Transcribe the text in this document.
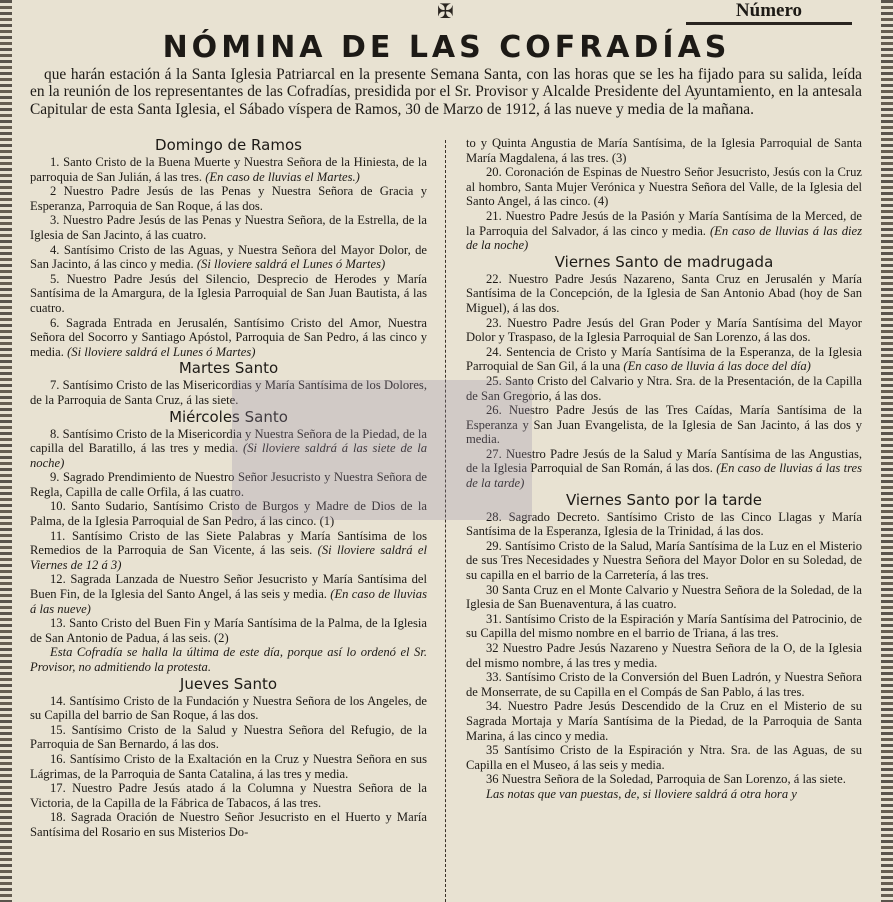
✠	Número
NÓMINA DE LAS COFRADÍAS
que harán estación á la Santa Iglesia Patriarcal en la presente Semana Santa, con las horas que se les ha fijado para su salida, leída en la reunión de los representantes de las Cofradías, presidida por el Sr. Provisor y Alcalde Presidente del Ayuntamiento, en la antesala Capitular de esta Santa Iglesia, el Sábado víspera de Ramos, 30 de Marzo de 1912, á las nueve y media de la mañana.
Domingo de Ramos

1. Santo Cristo de la Buena Muerte y Nuestra Señora de la Hiniesta, de la parroquia de San Julián, á las tres. (En caso de lluvias el Martes.)

2 Nuestro Padre Jesús de las Penas y Nuestra Señora de Gracia y Esperanza, Parroquia de San Roque, á las dos.

3. Nuestro Padre Jesús de las Penas y Nuestra Señora, de la Estrella, de la Iglesia de San Jacinto, á las cuatro.

4. Santísimo Cristo de las Aguas, y Nuestra Señora del Mayor Dolor, de San Jacinto, á las cinco y media. (Si lloviere saldrá el Lunes ó Martes)

5. Nuestro Padre Jesús del Silencio, Desprecio de Herodes y María Santísima de la Amargura, de la Iglesia Parroquial de San Juan Bautista, á las cuatro.

6. Sagrada Entrada en Jerusalén, Santísimo Cristo del Amor, Nuestra Señora del Socorro y Santiago Apóstol, Parroquia de San Pedro, á las cinco y media. (Si lloviere saldrá el Lunes ó Martes)

Martes Santo

7. Santísimo Cristo de las Misericordias y María Santísima de los Dolores, de la Parroquia de Santa Cruz, á las siete.

Miércoles Santo

8. Santísimo Cristo de la Misericordia y Nuestra Señora de la Piedad, de la capilla del Baratillo, á las tres y media. (Si lloviere saldrá á las siete de la noche)

9. Sagrado Prendimiento de Nuestro Señor Jesucristo y Nuestra Señora de Regla, Capilla de calle Orfila, á las cuatro.

10. Santo Sudario, Santísimo Cristo de Burgos y Madre de Dios de la Palma, de la Iglesia Parroquial de San Pedro, á las cinco. (1)

11. Santísimo Cristo de las Siete Palabras y María Santísima de los Remedios de la Parroquia de San Vicente, á las seis. (Si lloviere saldrá el Viernes de 12 á 3)

12. Sagrada Lanzada de Nuestro Señor Jesucristo y María Santísima del Buen Fin, de la Iglesia del Santo Angel, á las seis y media. (En caso de lluvias á las nueve)

13. Santo Cristo del Buen Fin y María Santísima de la Palma, de la Iglesia de San Antonio de Padua, á las seis. (2)

Esta Cofradía se halla la última de este día, porque así lo ordenó el Sr. Provisor, no admitiendo la protesta.

Jueves Santo

14. Santísimo Cristo de la Fundación y Nuestra Señora de los Angeles, de su Capilla del barrio de San Roque, á las dos.

15. Santísimo Cristo de la Salud y Nuestra Señora del Refugio, de la Parroquia de San Bernardo, á las dos.

16. Santísimo Cristo de la Exaltación en la Cruz y Nuestra Señora en sus Lágrimas, de la Parroquia de Santa Catalina, á las tres y media.

17. Nuestro Padre Jesús atado á la Columna y Nuestra Señora de la Victoria, de la Capilla de la Fábrica de Tabacos, á las tres.

18. Sagrada Oración de Nuestro Señor Jesucristo en el Huerto y María Santísima del Rosario en sus Misterios Do-

to y Quinta Angustia de María Santísima, de la Iglesia Parroquial de Santa María Magdalena, á las tres. (3)

20. Coronación de Espinas de Nuestro Señor Jesucristo, Jesús con la Cruz al hombro, Santa Mujer Verónica y Nuestra Señora del Valle, de la Iglesia del Santo Angel, á las cinco. (4)

21. Nuestro Padre Jesús de la Pasión y María Santísima de la Merced, de la Parroquia del Salvador, á las cinco y media. (En caso de lluvias á las diez de la noche)

Viernes Santo de madrugada

22. Nuestro Padre Jesús Nazareno, Santa Cruz en Jerusalén y María Santísima de la Concepción, de la Iglesia de San Antonio Abad (hoy de San Miguel), á las dos.

23. Nuestro Padre Jesús del Gran Poder y María Santísima del Mayor Dolor y Traspaso, de la Iglesia Parroquial de San Lorenzo, á las dos.

24. Sentencia de Cristo y María Santísima de la Esperanza, de la Iglesia Parroquial de San Gil, á la una (En caso de lluvia á las doce del día)

25. Santo Cristo del Calvario y Ntra. Sra. de la Presentación, de la Capilla de San Gregorio, á las dos.

26. Nuestro Padre Jesús de las Tres Caídas, María Santísima de la Esperanza y San Juan Evangelista, de la Iglesia de San Jacinto, á las dos y media.

27. Nuestro Padre Jesús de la Salud y María Santísima de las Angustias, de la Iglesia Parroquial de San Román, á las dos. (En caso de lluvias á las tres de la tarde)

Viernes Santo por la tarde

28. Sagrado Decreto. Santísimo Cristo de las Cinco Llagas y María Santísima de la Esperanza, Iglesia de la Trinidad, á las dos.

29. Santísimo Cristo de la Salud, María Santísima de la Luz en el Misterio de sus Tres Necesidades y Nuestra Señora del Mayor Dolor en su Soledad, de su capilla en el barrio de la Carretería, á las tres.

30 Santa Cruz en el Monte Calvario y Nuestra Señora de la Soledad, de la Iglesia de San Buenaventura, á las cuatro.

31. Santísimo Cristo de la Espiración y María Santísima del Patrocinio, de su Capilla del mismo nombre en el barrio de Triana, á las tres.

32 Nuestro Padre Jesús Nazareno y Nuestra Señora de la O, de la Iglesia del mismo nombre, á las tres y media.

33. Santísimo Cristo de la Conversión del Buen Ladrón, y Nuestra Señora de Monserrate, de su Capilla en el Compás de San Pablo, á las tres.

34. Nuestro Padre Jesús Descendido de la Cruz en el Misterio de su Sagrada Mortaja y María Santísima de la Piedad, de la Parroquia de Santa Marina, á las cinco y media.

35 Santísimo Cristo de la Espiración y Ntra. Sra. de las Aguas, de su Capilla en el Museo, á las seis y media.

36 Nuestra Señora de la Soledad, Parroquia de San Lorenzo, á las siete.

Las notas que van puestas, de, si lloviere saldrá á otra hora y
